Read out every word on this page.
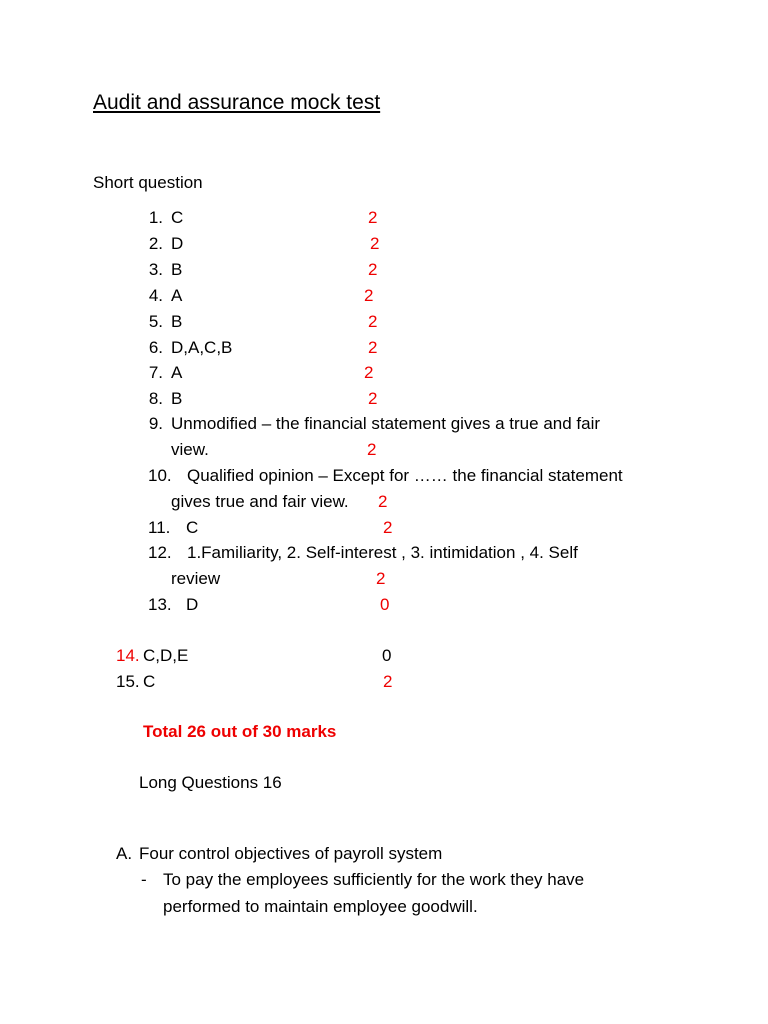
Audit and assurance mock test
Short question
1. C	2
2. D	2
3. B	2
4. A	2
5. B	2
6. D,A,C,B	2
7. A	2
8. B	2
9. Unmodified – the financial statement gives a true and fair
view.	2
10. Qualified opinion – Except for …… the financial statement
gives true and fair view. 2
11. C	2
12. 1.Familiarity, 2. Self-interest , 3. intimidation , 4. Self
review	2
13. D	0
14. C,D,E	0
15. C	2
Total 26 out of 30 marks
Long Questions 16
A. Four control objectives of payroll system
- To pay the employees sufficiently for the work they have
performed to maintain employee goodwill.
